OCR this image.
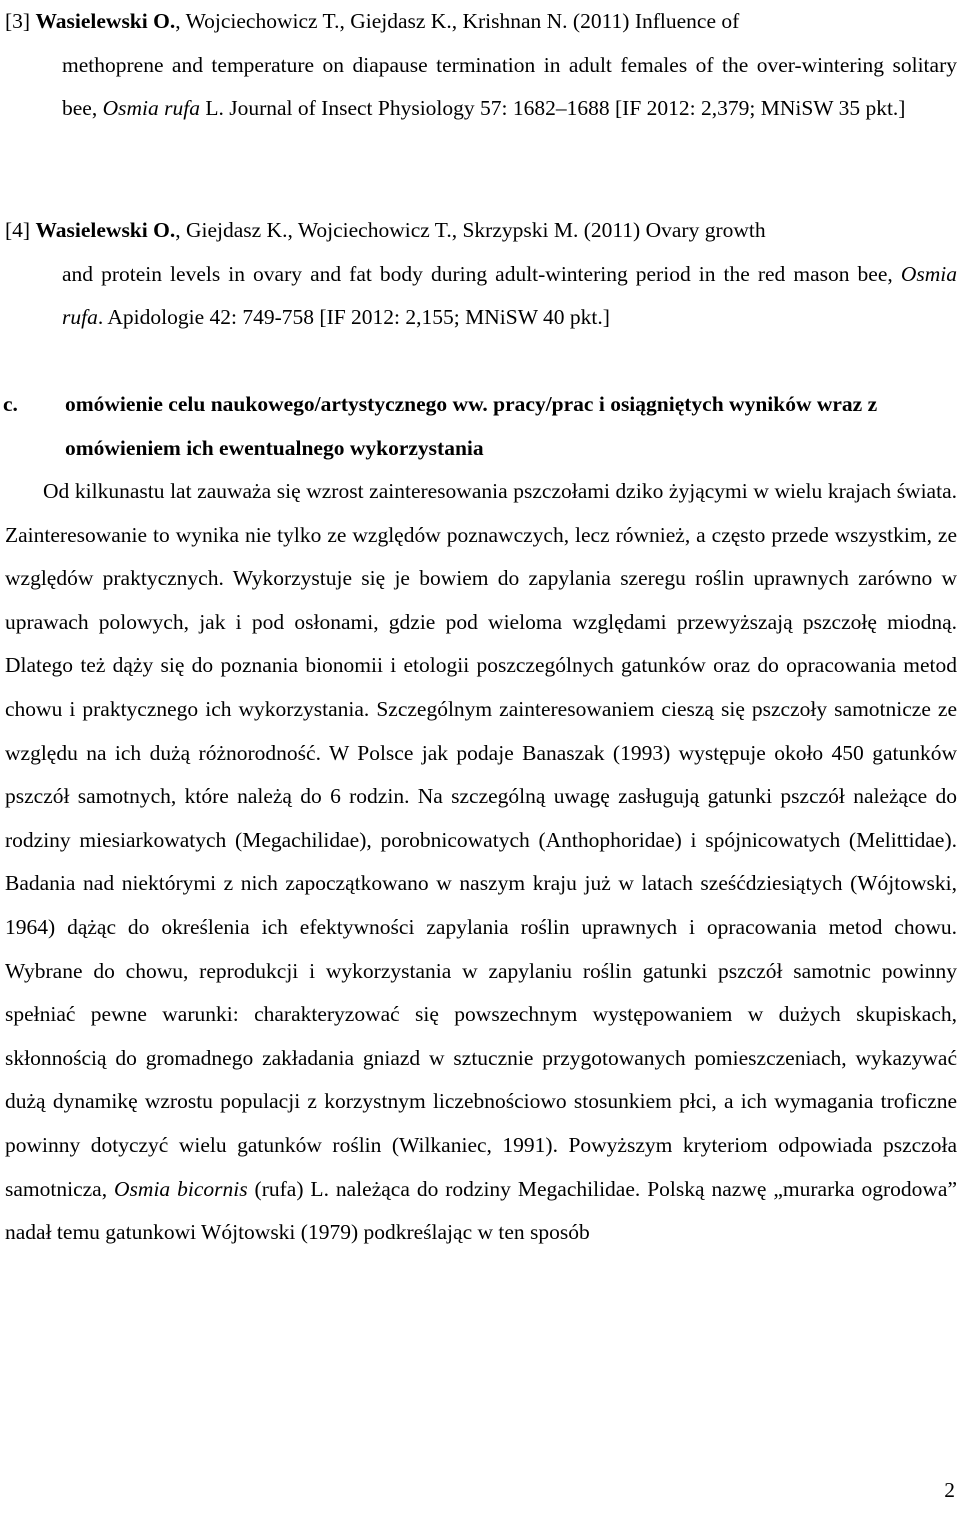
[3] Wasielewski O., Wojciechowicz T., Giejdasz K., Krishnan N. (2011) Influence of
methoprene and temperature on diapause termination in adult females of the over-wintering solitary bee, Osmia rufa L. Journal of Insect Physiology 57: 1682–1688 [IF 2012: 2,379; MNiSW 35 pkt.]
[4] Wasielewski O., Giejdasz K., Wojciechowicz T., Skrzypski M. (2011) Ovary growth
and protein levels in ovary and fat body during adult-wintering period in the red mason bee, Osmia rufa. Apidologie 42: 749-758 [IF 2012: 2,155; MNiSW 40 pkt.]
c. omówienie celu naukowego/artystycznego ww. pracy/prac i osiągniętych wyników wraz z omówieniem ich ewentualnego wykorzystania
Od kilkunastu lat zauważa się wzrost zainteresowania pszczołami dziko żyjącymi w wielu krajach świata. Zainteresowanie to wynika nie tylko ze względów poznawczych, lecz również, a często przede wszystkim, ze względów praktycznych. Wykorzystuje się je bowiem do zapylania szeregu roślin uprawnych zarówno w uprawach polowych, jak i pod osłonami, gdzie pod wieloma względami przewyższają pszczołę miodną. Dlatego też dąży się do poznania bionomii i etologii poszczególnych gatunków oraz do opracowania metod chowu i praktycznego ich wykorzystania. Szczególnym zainteresowaniem cieszą się pszczoły samotnicze ze względu na ich dużą różnorodność. W Polsce jak podaje Banaszak (1993) występuje około 450 gatunków pszczół samotnych, które należą do 6 rodzin. Na szczególną uwagę zasługują gatunki pszczół należące do rodziny miesiarkowatych (Megachilidae), porobnicowatych (Anthophoridae) i spójnicowatych (Melittidae). Badania nad niektórymi z nich zapoczątkowano w naszym kraju już w latach sześćdziesiątych (Wójtowski, 1964) dążąc do określenia ich efektywności zapylania roślin uprawnych i opracowania metod chowu. Wybrane do chowu, reprodukcji i wykorzystania w zapylaniu roślin gatunki pszczół samotnic powinny spełniać pewne warunki: charakteryzować się powszechnym występowaniem w dużych skupiskach, skłonnością do gromadnego zakładania gniazd w sztucznie przygotowanych pomieszczeniach, wykazywać dużą dynamikę wzrostu populacji z korzystnym liczebnościowo stosunkiem płci, a ich wymagania troficzne powinny dotyczyć wielu gatunków roślin (Wilkaniec, 1991). Powyższym kryteriom odpowiada pszczoła samotnicza, Osmia bicornis (rufa) L. należąca do rodziny Megachilidae. Polską nazwę „murarka ogrodowa” nadał temu gatunkowi Wójtowski (1979) podkreślając w ten sposób
2
